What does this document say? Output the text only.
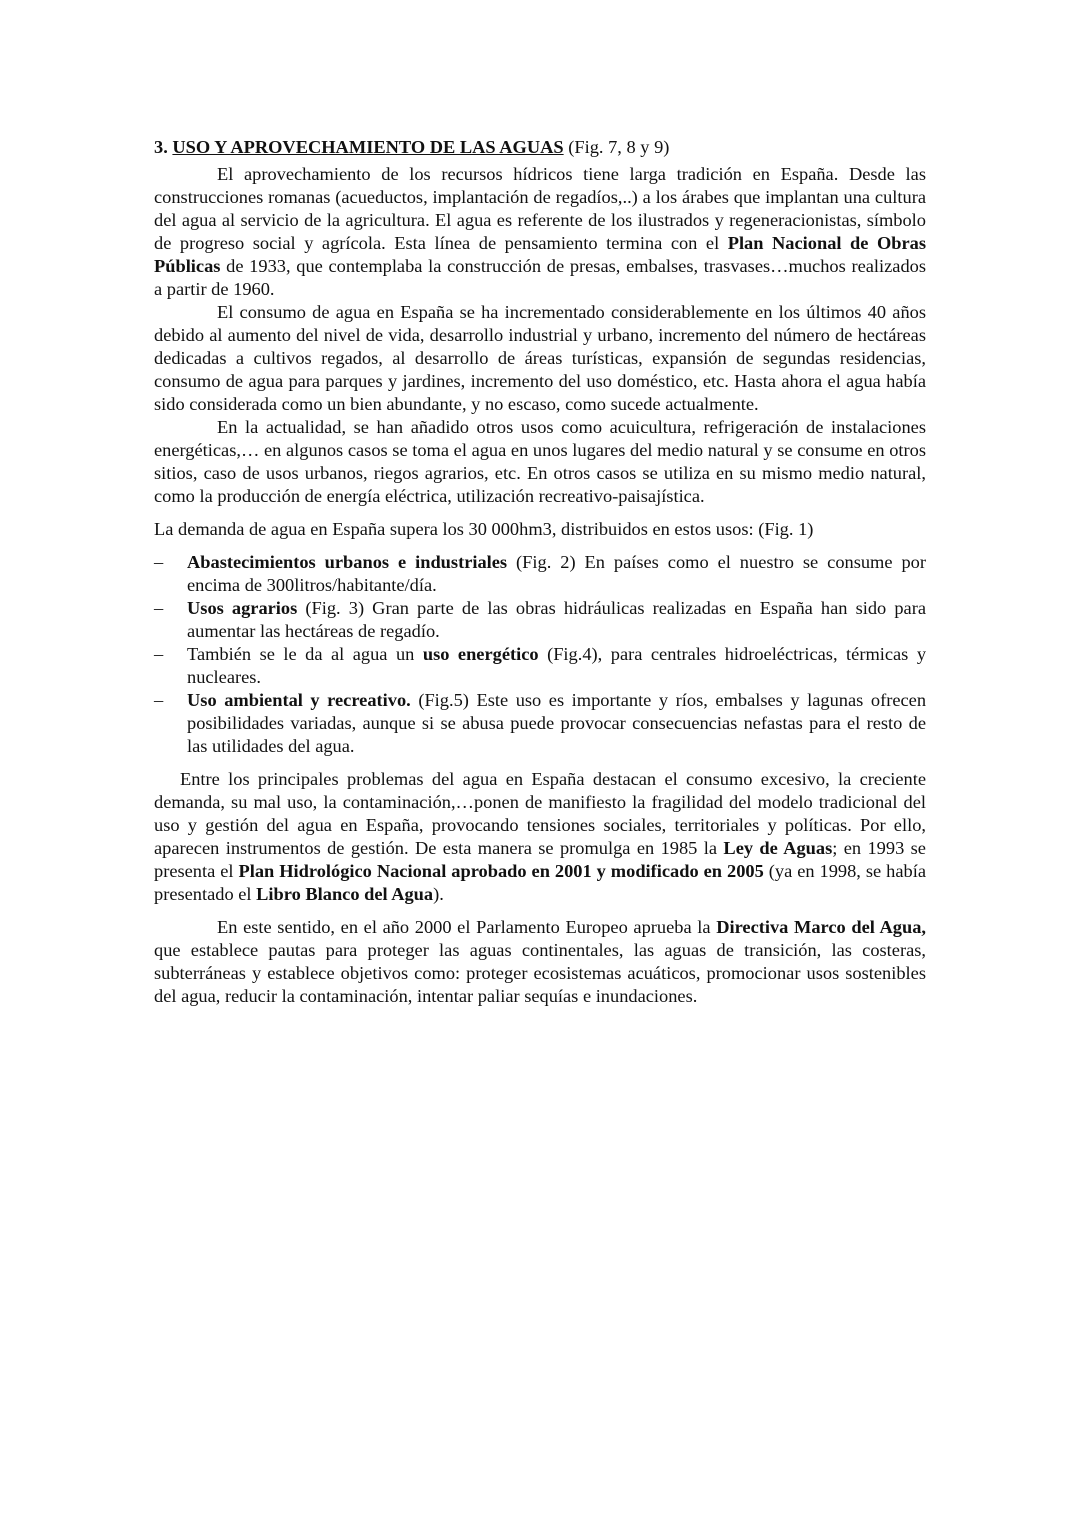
3. USO Y APROVECHAMIENTO DE LAS AGUAS (Fig. 7, 8 y 9)

El aprovechamiento de los recursos hídricos tiene larga tradición en España. Desde las construcciones romanas (acueductos, implantación de regadíos,..) a los árabes que implantan una cultura del agua al servicio de la agricultura. El agua es referente de los ilustrados y regeneracionistas, símbolo de progreso social y agrícola. Esta línea de pensamiento termina con el Plan Nacional de Obras Públicas de 1933, que contemplaba la construcción de presas, embalses, trasvases…muchos realizados a partir de 1960.

El consumo de agua en España se ha incrementado considerablemente en los últimos 40 años debido al aumento del nivel de vida, desarrollo industrial y urbano, incremento del número de hectáreas dedicadas a cultivos regados, al desarrollo de áreas turísticas, expansión de segundas residencias, consumo de agua para parques y jardines, incremento del uso doméstico, etc. Hasta ahora el agua había sido considerada como un bien abundante, y no escaso, como sucede actualmente.

En la actualidad, se han añadido otros usos como acuicultura, refrigeración de instalaciones energéticas,… en algunos casos se toma el agua en unos lugares del medio natural y se consume en otros sitios, caso de usos urbanos, riegos agrarios, etc. En otros casos se utiliza en su mismo medio natural, como la producción de energía eléctrica, utilización recreativo-paisajística.

La demanda de agua en España supera los 30 000hm3, distribuidos en estos usos: (Fig. 1)

– Abastecimientos urbanos e industriales (Fig. 2) En países como el nuestro se consume por encima de 300litros/habitante/día.
– Usos agrarios (Fig. 3) Gran parte de las obras hidráulicas realizadas en España han sido para aumentar las hectáreas de regadío.
– También se le da al agua un uso energético (Fig.4), para centrales hidroeléctricas, térmicas y nucleares.
– Uso ambiental y recreativo. (Fig.5) Este uso es importante y ríos, embalses y lagunas ofrecen posibilidades variadas, aunque si se abusa puede provocar consecuencias nefastas para el resto de las utilidades del agua.

Entre los principales problemas del agua en España destacan el consumo excesivo, la creciente demanda, su mal uso, la contaminación,…ponen de manifiesto la fragilidad del modelo tradicional del uso y gestión del agua en España, provocando tensiones sociales, territoriales y políticas. Por ello, aparecen instrumentos de gestión. De esta manera se promulga en 1985 la Ley de Aguas; en 1993 se presenta el Plan Hidrológico Nacional aprobado en 2001 y modificado en 2005 (ya en 1998, se había presentado el Libro Blanco del Agua).

En este sentido, en el año 2000 el Parlamento Europeo aprueba la Directiva Marco del Agua, que establece pautas para proteger las aguas continentales, las aguas de transición, las costeras, subterráneas y establece objetivos como: proteger ecosistemas acuáticos, promocionar usos sostenibles del agua, reducir la contaminación, intentar paliar sequías e inundaciones.
